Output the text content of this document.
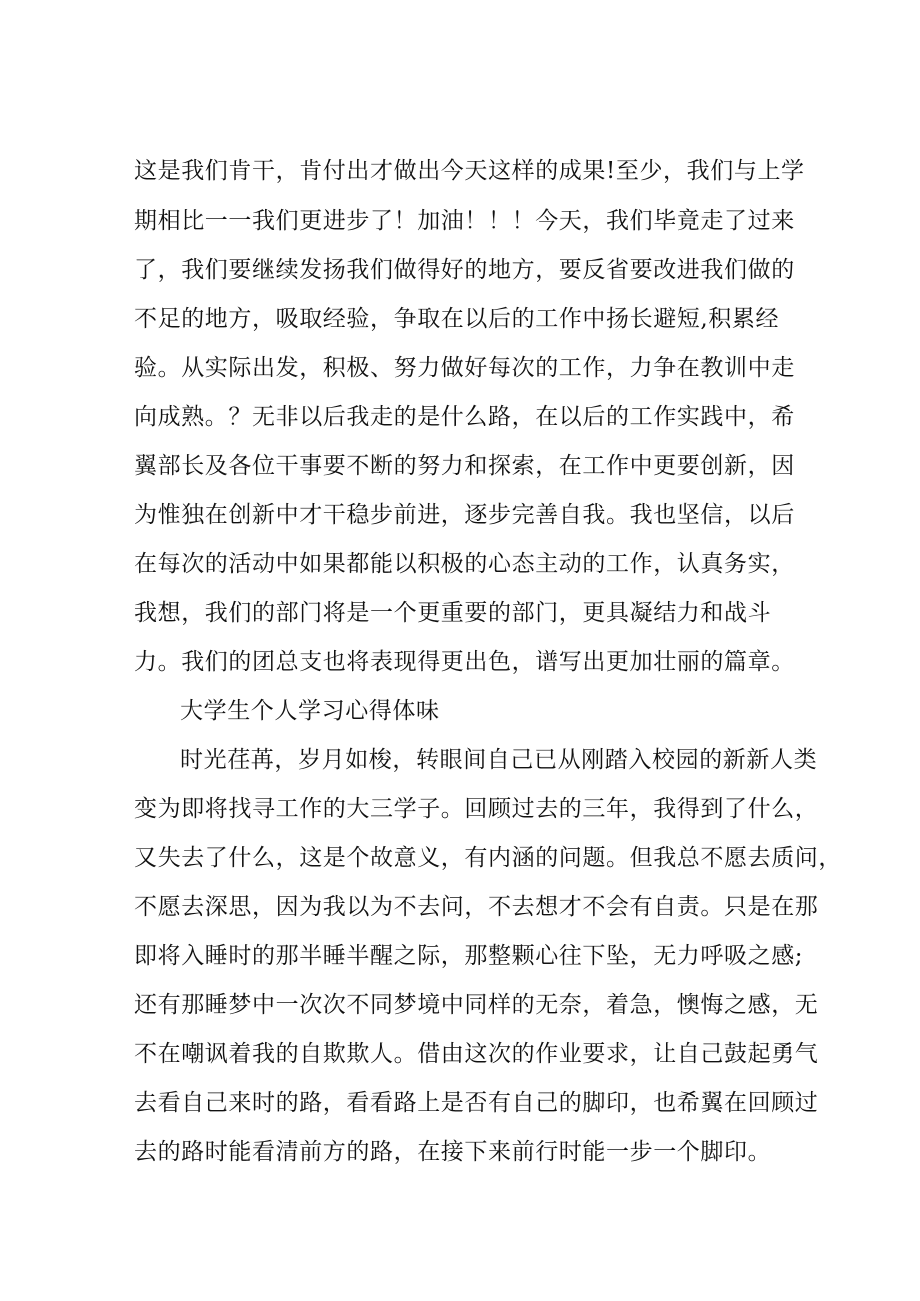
这是我们肯干，肯付出才做出今天这样的成果!至少，我们与上学
期相比一一我们更进步了！加油！！！今天，我们毕竟走了过来
了，我们要继续发扬我们做得好的地方，要反省要改进我们做的
不足的地方，吸取经验，争取在以后的工作中扬长避短,积累经
验。从实际出发，积极、努力做好每次的工作，力争在教训中走
向成熟。？无非以后我走的是什么路，在以后的工作实践中，希
翼部长及各位干事要不断的努力和探索，在工作中更要创新，因
为惟独在创新中才干稳步前进，逐步完善自我。我也坚信，以后
在每次的活动中如果都能以积极的心态主动的工作，认真务实，
我想，我们的部门将是一个更重要的部门，更具凝结力和战斗
力。我们的团总支也将表现得更出色，谱写出更加壮丽的篇章。
大学生个人学习心得体味
时光荏苒，岁月如梭，转眼间自己已从刚踏入校园的新新人类
变为即将找寻工作的大三学子。回顾过去的三年，我得到了什么，
又失去了什么，这是个故意义，有内涵的问题。但我总不愿去质问，
不愿去深思，因为我以为不去问，不去想才不会有自责。只是在那
即将入睡时的那半睡半醒之际，那整颗心往下坠，无力呼吸之感;
还有那睡梦中一次次不同梦境中同样的无奈，着急，懊悔之感，无
不在嘲讽着我的自欺欺人。借由这次的作业要求，让自己鼓起勇气
去看自己来时的路，看看路上是否有自己的脚印，也希翼在回顾过
去的路时能看清前方的路，在接下来前行时能一步一个脚印。
